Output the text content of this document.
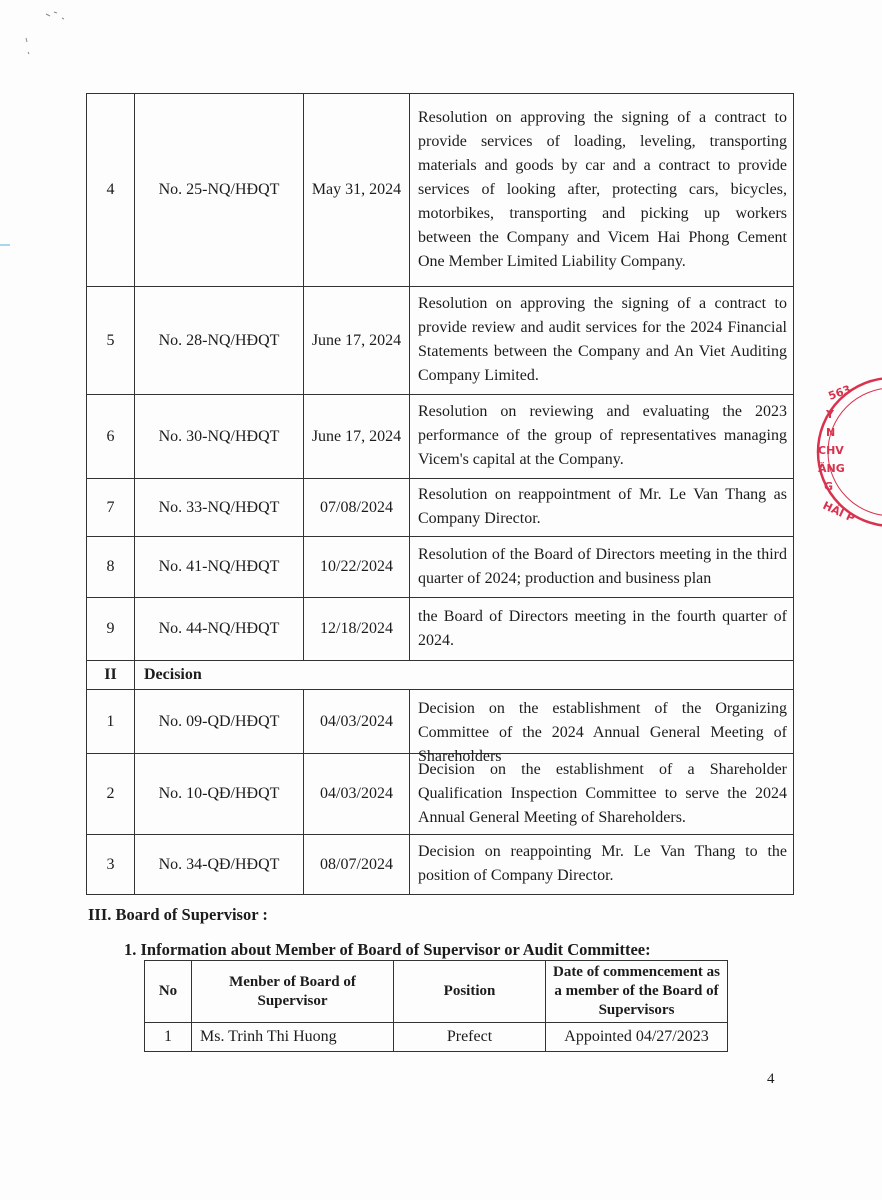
4	No. 25-NQ/HĐQT	May 31, 2024	Resolution on approving the signing of a contract to provide services of loading, leveling, transporting materials and goods by car and a contract to provide services of looking after, protecting cars, bicycles, motorbikes, transporting and picking up workers between the Company and Vicem Hai Phong Cement One Member Limited Liability Company.
5	No. 28-NQ/HĐQT	June 17, 2024	Resolution on approving the signing of a contract to provide review and audit services for the 2024 Financial Statements between the Company and An Viet Auditing Company Limited.
6	No. 30-NQ/HĐQT	June 17, 2024	Resolution on reviewing and evaluating the 2023 performance of the group of representatives managing Vicem's capital at the Company.
7	No. 33-NQ/HĐQT	07/08/2024	Resolution on reappointment of Mr. Le Van Thang as Company Director.
8	No. 41-NQ/HĐQT	10/22/2024	Resolution of the Board of Directors meeting in the third quarter of 2024; production and business plan
9	No. 44-NQ/HĐQT	12/18/2024	the Board of Directors meeting in the fourth quarter of 2024.
II	Decision		
1	No. 09-QD/HĐQT	04/03/2024	Decision on the establishment of the Organizing Committee of the 2024 Annual General Meeting of Shareholders

2	No. 10-QĐ/HĐQT	04/03/2024	Decision on the establishment of a Shareholder Qualification Inspection Committee to serve the 2024 Annual General Meeting of Shareholders.
3	No. 34-QĐ/HĐQT	08/07/2024	Decision on reappointing Mr. Le Van Thang to the position of Company Director.
III. Board of Supervisor :
1. Information about Member of Board of Supervisor or Audit Committee:
No	Menber of Board of Supervisor	Position	Date of commencement as a member of the Board of Supervisors
1	Ms. Trinh Thi Huong	Prefect	Appointed 04/27/2023
4
563
Y
N
CHV
ĂNG
G
HẢI P
